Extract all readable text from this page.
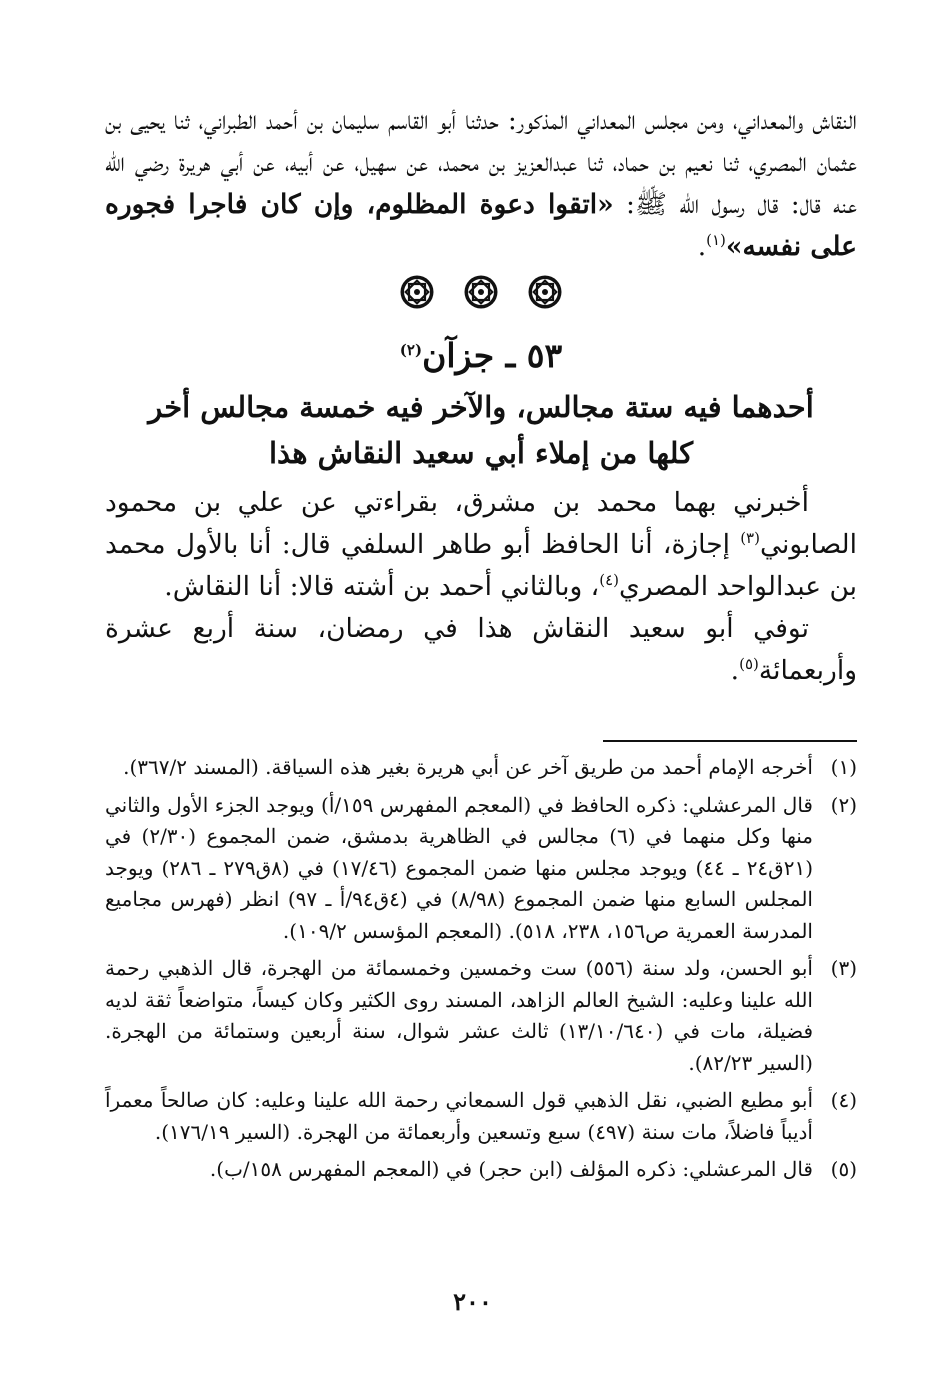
النقاش والمعداني، ومن مجلس المعداني المذكور: حدثنا أبو القاسم سليمان بن أحمد الطبراني، ثنا يحيى بن عثمان المصري، ثنا نعيم بن حماد، ثنا عبدالعزيز بن محمد، عن سهيل، عن أبيه، عن أبي هريرة رضي الله عنه قال: قال رسول الله ﷺ: «اتقوا دعوة المظلوم، وإن كان فاجرا فجوره على نفسه»$^{(١)}$.

٥٣ ـ جزآن$^{(٢)}$

أحدهما فيه ستة مجالس، والآخر فيه خمسة مجالس أخر

كلها من إملاء أبي سعيد النقاش هذا

أخبرني بهما محمد بن مشرق، بقراءتي عن علي بن محمود الصابوني$^{(٣)}$ إجازة، أنا الحافظ أبو طاهر السلفي قال: أنا بالأول محمد بن عبدالواحد المصري$^{(٤)}$، وبالثاني أحمد بن أشته قالا: أنا النقاش.

توفي أبو سعيد النقاش هذا في رمضان، سنة أربع عشرة وأربعمائة$^{(٥)}$.

(١)
أخرجه الإمام أحمد من طريق آخر عن أبي هريرة بغير هذه السياقة. (المسند ٣٦٧/٢).
(٢)
قال المرعشلي: ذكره الحافظ في (المعجم المفهرس ١٥٩/أ) ويوجد الجزء الأول والثاني منها وكل منهما في (٦) مجالس في الظاهرية بدمشق، ضمن المجموع (٢/٣٠) في (٢١ق٢٤ ـ ٤٤) ويوجد مجلس منها ضمن المجموع (١٧/٤٦) في (٨ق٢٧٩ ـ ٢٨٦) ويوجد المجلس السابع منها ضمن المجموع (٨/٩٨) في (٤ق٩٤/أ ـ ٩٧) انظر (فهرس مجاميع المدرسة العمرية ص١٥٦، ٢٣٨، ٥١٨). (المعجم المؤسس ١٠٩/٢).
(٣)
أبو الحسن، ولد سنة (٥٥٦) ست وخمسين وخمسمائة من الهجرة، قال الذهبي رحمة الله علينا وعليه: الشيخ العالم الزاهد، المسند روى الكثير وكان كيساً، متواضعاً ثقة لديه فضيلة، مات في (١٣/١٠/٦٤٠) ثالث عشر شوال، سنة أربعين وستمائة من الهجرة. (السير ٨٢/٢٣).
(٤)
أبو مطيع الضبي، نقل الذهبي قول السمعاني رحمة الله علينا وعليه: كان صالحاً معمراً أديباً فاضلاً، مات سنة (٤٩٧) سبع وتسعين وأربعمائة من الهجرة. (السير ١٧٦/١٩).
(٥)
قال المرعشلي: ذكره المؤلف (ابن حجر) في (المعجم المفهرس ١٥٨/ب).
٢٠٠
